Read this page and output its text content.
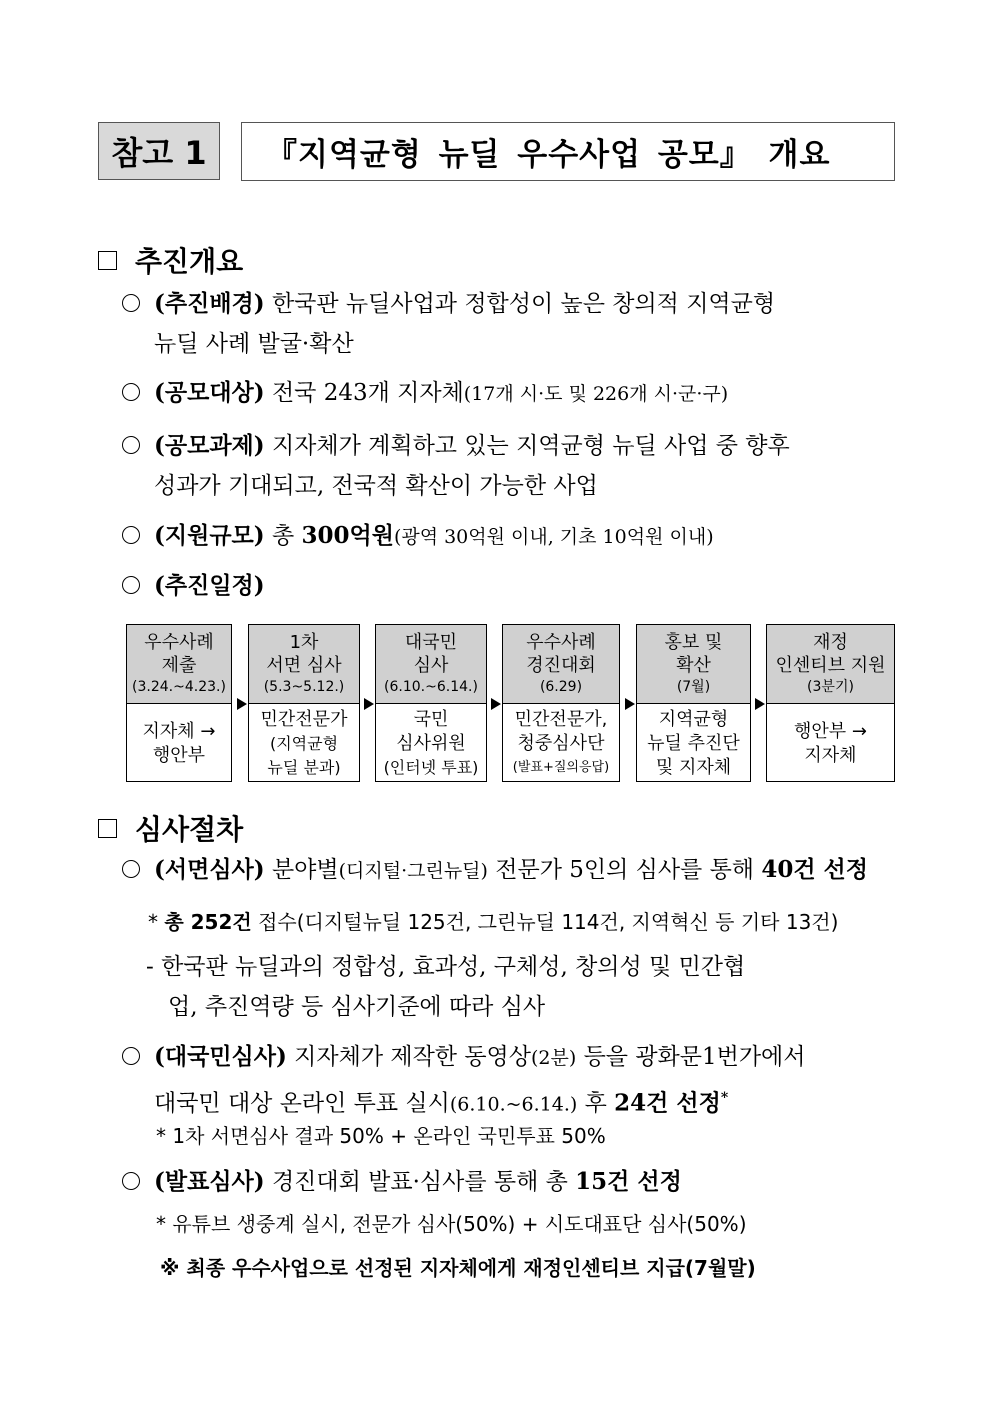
참고 1	『지역균형 뉴딜 우수사업 공모』 개요
추진개요
(추진배경) 한국판 뉴딜사업과 정합성이 높은 창의적 지역균형
뉴딜 사례 발굴·확산
(공모대상) 전국 243개 지자체(17개 시·도 및 226개 시·군·구)
(공모과제) 지자체가 계획하고 있는 지역균형 뉴딜 사업 중 향후
성과가 기대되고, 전국적 확산이 가능한 사업
(지원규모) 총 300억원(광역 30억원 이내, 기초 10억원 이내)
(추진일정)
우수사례
제출
(3.24.~4.23.)
지자체 →
행안부
1차
서면 심사
(5.3~5.12.)
민간전문가
(지역균형
뉴딜 분과)
대국민
심사
(6.10.~6.14.)
국민
심사위원
(인터넷 투표)
우수사례
경진대회
(6.29)
민간전문가,
청중심사단
(발표+질의응답)
홍보 및
확산
(7월)
지역균형
뉴딜 추진단
및 지자체
재정
인센티브 지원
(3분기)
행안부 →
지자체
심사절차
(서면심사) 분야별(디지털·그린뉴딜) 전문가 5인의 심사를 통해 40건 선정
* 총 252건 접수(디지털뉴딜 125건, 그린뉴딜 114건, 지역혁신 등 기타 13건)
- 한국판 뉴딜과의 정합성, 효과성, 구체성, 창의성 및 민간협
업, 추진역량 등 심사기준에 따라 심사
(대국민심사) 지자체가 제작한 동영상(2분) 등을 광화문1번가에서
대국민 대상 온라인 투표 실시(6.10.~6.14.) 후 24건 선정*
* 1차 서면심사 결과 50% + 온라인 국민투표 50%
(발표심사) 경진대회 발표·심사를 통해 총 15건 선정
* 유튜브 생중계 실시, 전문가 심사(50%) + 시도대표단 심사(50%)
※ 최종 우수사업으로 선정된 지자체에게 재정인센티브 지급(7월말)
